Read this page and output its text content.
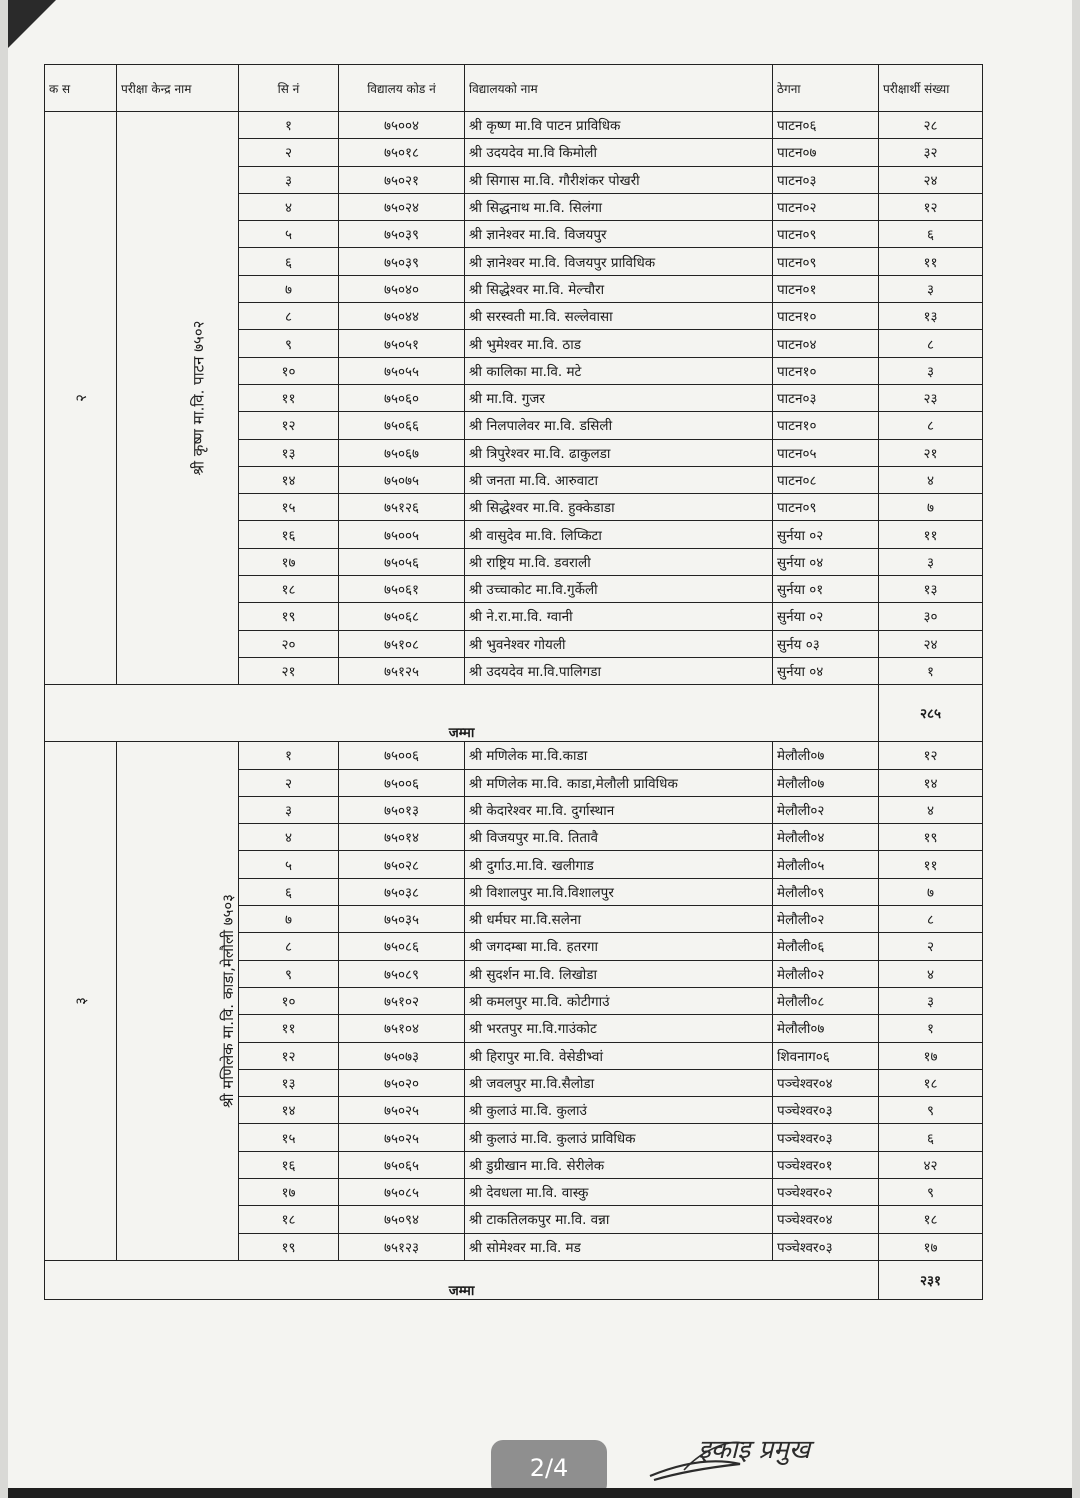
क स	परीक्षा केन्द्र नाम	सि नं	विद्यालय कोड नं	विद्यालयको नाम	ठेगना	परीक्षार्थी संख्या
२	श्री कृष्ण मा.वि. पाटन ७५०२	१	७५००४	श्री कृष्ण मा.वि पाटन प्राविधिक	पाटन०६	२८
		२	७५०१८	श्री उदयदेव मा.वि किमोली	पाटन०७	३२
		३	७५०२१	श्री सिगास मा.वि. गौरीशंकर पोखरी	पाटन०३	२४
		४	७५०२४	श्री सिद्धनाथ मा.वि. सिलंगा	पाटन०२	१२
		५	७५०३९	श्री ज्ञानेश्वर मा.वि. विजयपुर	पाटन०९	६
		६	७५०३९	श्री ज्ञानेश्वर मा.वि. विजयपुर प्राविधिक	पाटन०९	११
		७	७५०४०	श्री सिद्धेश्वर मा.वि. मेल्चौरा	पाटन०१	३
		८	७५०४४	श्री सरस्वती मा.वि. सल्लेवासा	पाटन१०	१३
		९	७५०५१	श्री भुमेश्वर मा.वि. ठाड	पाटन०४	८
		१०	७५०५५	श्री कालिका मा.वि. मटे	पाटन१०	३
		११	७५०६०	श्री मा.वि. गुजर	पाटन०३	२३
		१२	७५०६६	श्री निलपालेवर मा.वि. डसिली	पाटन१०	८
		१३	७५०६७	श्री त्रिपुरेश्वर मा.वि. ढाकुलडा	पाटन०५	२१
		१४	७५०७५	श्री जनता मा.वि. आरुवाटा	पाटन०८	४
		१५	७५१२६	श्री सिद्धेश्वर मा.वि. हुक्केडाडा	पाटन०९	७
		१६	७५००५	श्री वासुदेव मा.वि. लिप्किटा	सुर्नया ०२	११
		१७	७५०५६	श्री राष्ट्रिय मा.वि. डवराली	सुर्नया ०४	३
		१८	७५०६१	श्री उच्चाकोट मा.वि.गुर्केली	सुर्नया ०१	१३
		१९	७५०६८	श्री ने.रा.मा.वि. ग्वानी	सुर्नया ०२	३०
		२०	७५१०८	श्री भुवनेश्वर गोयली	सुर्नय ०३	२४
		२१	७५१२५	श्री उदयदेव मा.वि.पालिगडा	सुर्नया ०४	१
जम्मा						२८५
३	श्री मणिलेक मा.वि. काडा,मेलौली ७५०३	१	७५००६	श्री मणिलेक मा.वि.काडा	मेलौली०७	१२
		२	७५००६	श्री मणिलेक मा.वि. काडा,मेलौली प्राविधिक	मेलौली०७	१४
		३	७५०१३	श्री केदारेश्वर मा.वि. दुर्गास्थान	मेलौली०२	४
		४	७५०१४	श्री विजयपुर मा.वि. तितावै	मेलौली०४	१९
		५	७५०२८	श्री दुर्गाउ.मा.वि. खलीगाड	मेलौली०५	११
		६	७५०३८	श्री विशालपुर मा.वि.विशालपुर	मेलौली०९	७
		७	७५०३५	श्री धर्मघर मा.वि.सलेना	मेलौली०२	८
		८	७५०८६	श्री जगदम्बा मा.वि. हतरगा	मेलौली०६	२
		९	७५०८९	श्री सुदर्शन मा.वि. लिखोडा	मेलौली०२	४
		१०	७५१०२	श्री कमलपुर मा.वि. कोटीगाउं	मेलौली०८	३
		११	७५१०४	श्री भरतपुर मा.वि.गाउंकोट	मेलौली०७	१
		१२	७५०७३	श्री हिरापुर मा.वि. वेसेडीभ्वां	शिवनाग०६	१७
		१३	७५०२०	श्री जवलपुर मा.वि.सैलोडा	पञ्चेश्वर०४	१८
		१४	७५०२५	श्री कुलाउं मा.वि. कुलाउं	पञ्चेश्वर०३	९
		१५	७५०२५	श्री कुलाउं मा.वि. कुलाउं प्राविधिक	पञ्चेश्वर०३	६
		१६	७५०६५	श्री डुग्रीखान मा.वि. सेरीलेक	पञ्चेश्वर०१	४२
		१७	७५०८५	श्री देवधला मा.वि. वास्कु	पञ्चेश्वर०२	९
		१८	७५०९४	श्री टाकतिलकपुर मा.वि. वन्ना	पञ्चेश्वर०४	१८
		१९	७५१२३	श्री सोमेश्वर मा.वि. मड	पञ्चेश्वर०३	१७
जम्मा						२३१
2/4
इकाइ प्रमुख
